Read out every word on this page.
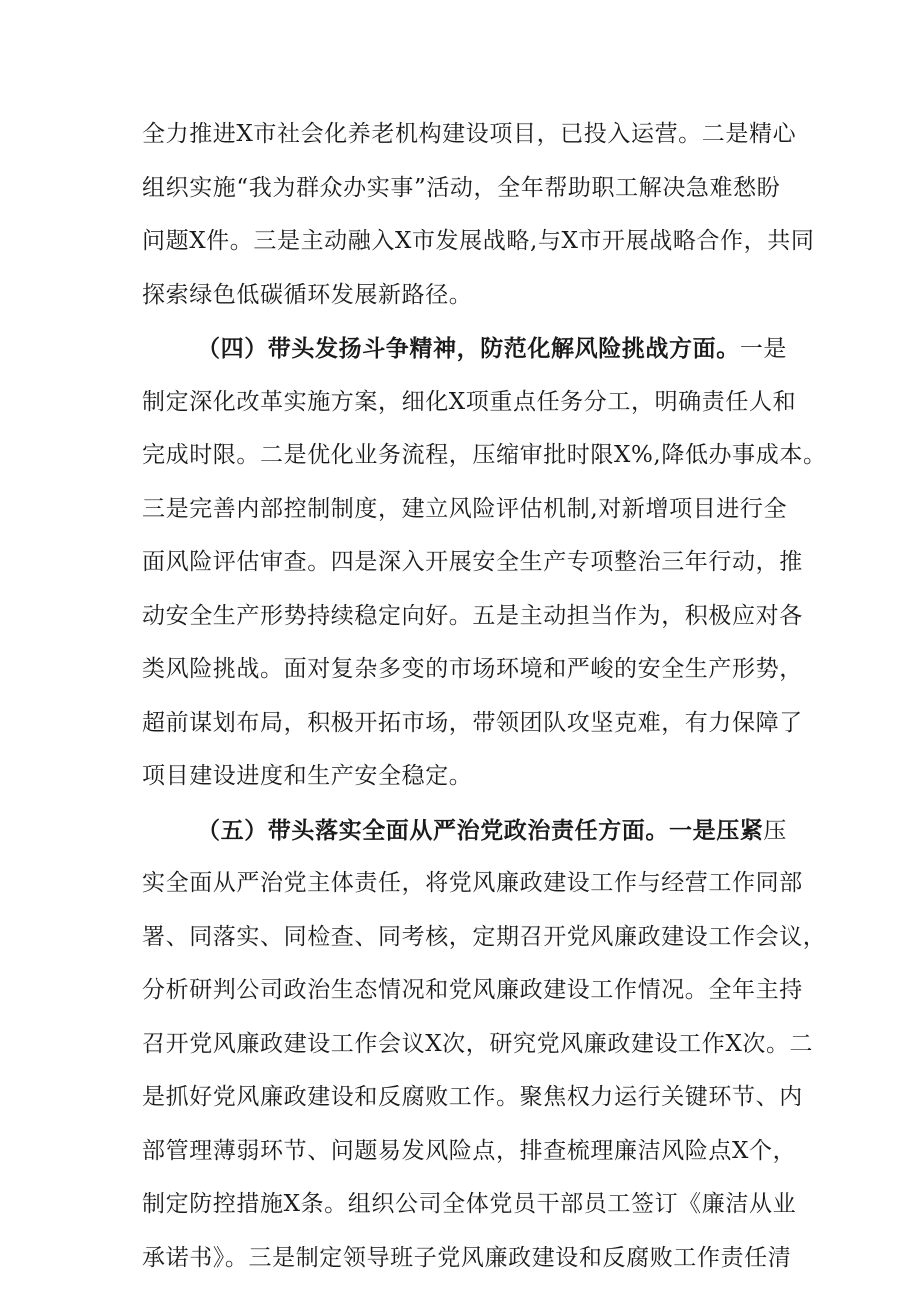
全力推进X市社会化养老机构建设项目，已投入运营。二是精心
组织实施“我为群众办实事”活动，全年帮助职工解决急难愁盼
问题X件。三是主动融入X市发展战略,与X市开展战略合作，共同
探索绿色低碳循环发展新路径。
（四）带头发扬斗争精神，防范化解风险挑战方面。一是
制定深化改革实施方案，细化X项重点任务分工，明确责任人和
完成时限。二是优化业务流程，压缩审批时限X%,降低办事成本。
三是完善内部控制制度，建立风险评估机制,对新增项目进行全
面风险评估审查。四是深入开展安全生产专项整治三年行动，推
动安全生产形势持续稳定向好。五是主动担当作为，积极应对各
类风险挑战。面对复杂多变的市场环境和严峻的安全生产形势，
超前谋划布局，积极开拓市场，带领团队攻坚克难，有力保障了
项目建设进度和生产安全稳定。
（五）带头落实全面从严治党政治责任方面。一是压紧压
实全面从严治党主体责任，将党风廉政建设工作与经营工作同部
署、同落实、同检查、同考核，定期召开党风廉政建设工作会议，
分析研判公司政治生态情况和党风廉政建设工作情况。全年主持
召开党风廉政建设工作会议X次，研究党风廉政建设工作X次。二
是抓好党风廉政建设和反腐败工作。聚焦权力运行关键环节、内
部管理薄弱环节、问题易发风险点，排查梳理廉洁风险点X个，
制定防控措施X条。组织公司全体党员干部员工签订《廉洁从业
承诺书》。三是制定领导班子党风廉政建设和反腐败工作责任清
